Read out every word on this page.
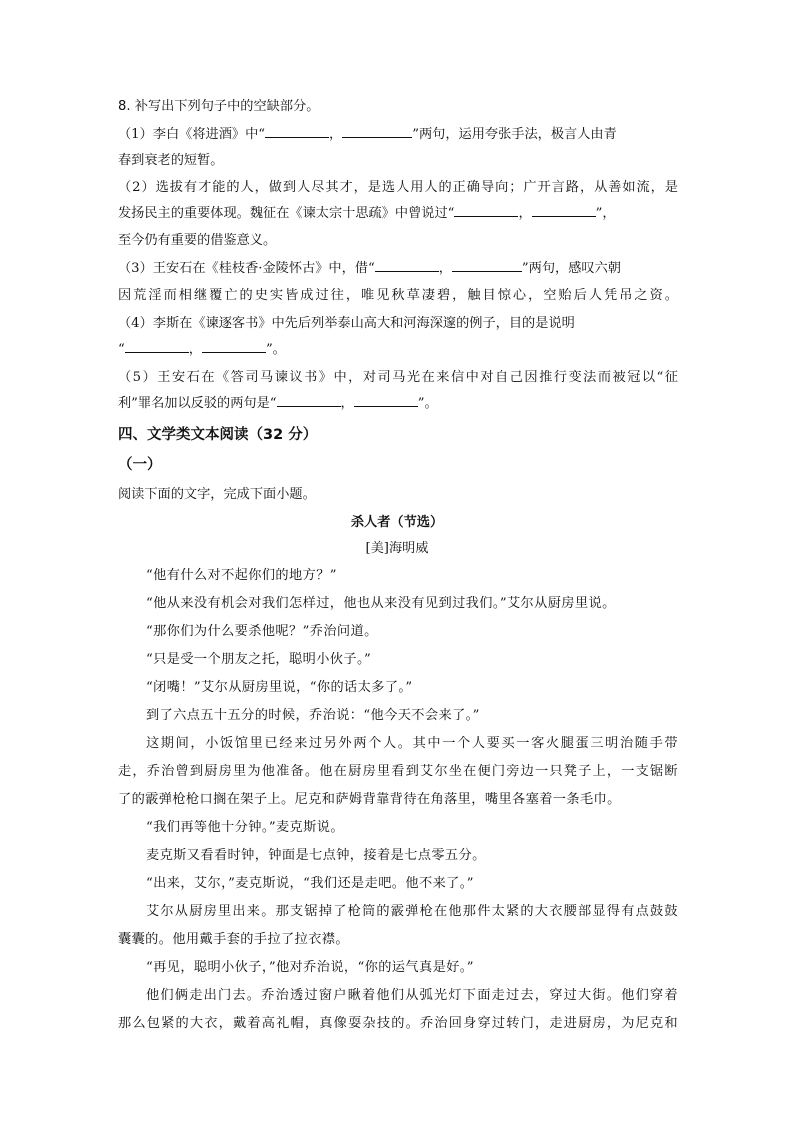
8. 补写出下列句子中的空缺部分。
（1）李白《将进酒》中“	，	”两句，运用夸张手法，极言人由青
春到衰老的短暂。
（2）选拔有才能的人，做到人尽其才，是选人用人的正确导向；广开言路，从善如流，是
发扬民主的重要体现。魏征在《谏太宗十思疏》中曾说过“	，	”，
至今仍有重要的借鉴意义。
（3）王安石在《桂枝香·金陵怀古》中，借“	，	”两句，感叹六朝
因荒淫而相继覆亡的史实皆成过往，唯见秋草凄碧，触目惊心，空贻后人凭吊之资。
（4）李斯在《谏逐客书》中先后列举泰山高大和河海深邃的例子，目的是说明
“	，	”。
（5）王安石在《答司马谏议书》中，对司马光在来信中对自己因推行变法而被冠以“征
利”罪名加以反驳的两句是“	，	”。
四、文学类文本阅读（32 分）
（一）
阅读下面的文字，完成下面小题。
杀人者（节选）
[美]海明威
“他有什么对不起你们的地方？”
“他从来没有机会对我们怎样过，他也从来没有见到过我们。”艾尔从厨房里说。
“那你们为什么要杀他呢？”乔治问道。
“只是受一个朋友之托，聪明小伙子。”
“闭嘴！”艾尔从厨房里说，“你的话太多了。”
到了六点五十五分的时候，乔治说：“他今天不会来了。”
这期间，小饭馆里已经来过另外两个人。其中一个人要买一客火腿蛋三明治随手带
走，乔治曾到厨房里为他准备。他在厨房里看到艾尔坐在便门旁边一只凳子上，一支锯断
了的霰弹枪枪口搁在架子上。尼克和萨姆背靠背待在角落里，嘴里各塞着一条毛巾。
“我们再等他十分钟。”麦克斯说。
麦克斯又看看时钟，钟面是七点钟，接着是七点零五分。
“出来，艾尔，”麦克斯说，“我们还是走吧。他不来了。”
艾尔从厨房里出来。那支锯掉了枪筒的霰弹枪在他那件太紧的大衣腰部显得有点鼓鼓
囊囊的。他用戴手套的手拉了拉衣襟。
“再见，聪明小伙子，”他对乔治说，“你的运气真是好。”
他们俩走出门去。乔治透过窗户瞅着他们从弧光灯下面走过去，穿过大街。他们穿着
那么包紧的大衣，戴着高礼帽，真像耍杂技的。乔治回身穿过转门，走进厨房，为尼克和
